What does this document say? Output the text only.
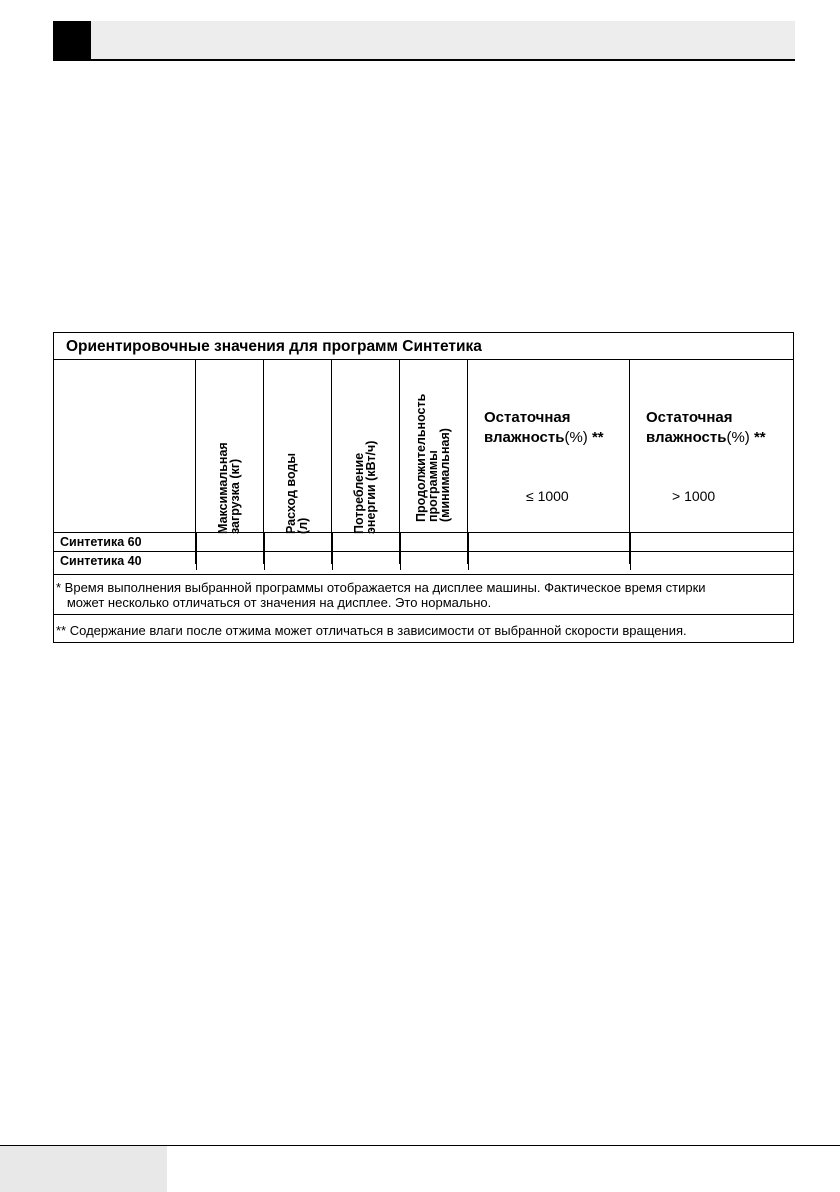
Ориентировочные значения для программ Синтетика
Максимальная
загрузка (кг)
Расход воды
(л)	Потребление
энергии (кВт/ч)	Продолжительность
программы
(минимальная)
Остаточная
влажность(%) **
≤ 1000
Остаточная
влажность(%) **
> 1000
Синтетика 60
Синтетика 40
* Время выполнения выбранной программы отображается на дисплее машины. Фактическое время стирки
может несколько отличаться от значения на дисплее. Это нормально.
** Содержание влаги после отжима может отличаться в зависимости от выбранной скорости вращения.
